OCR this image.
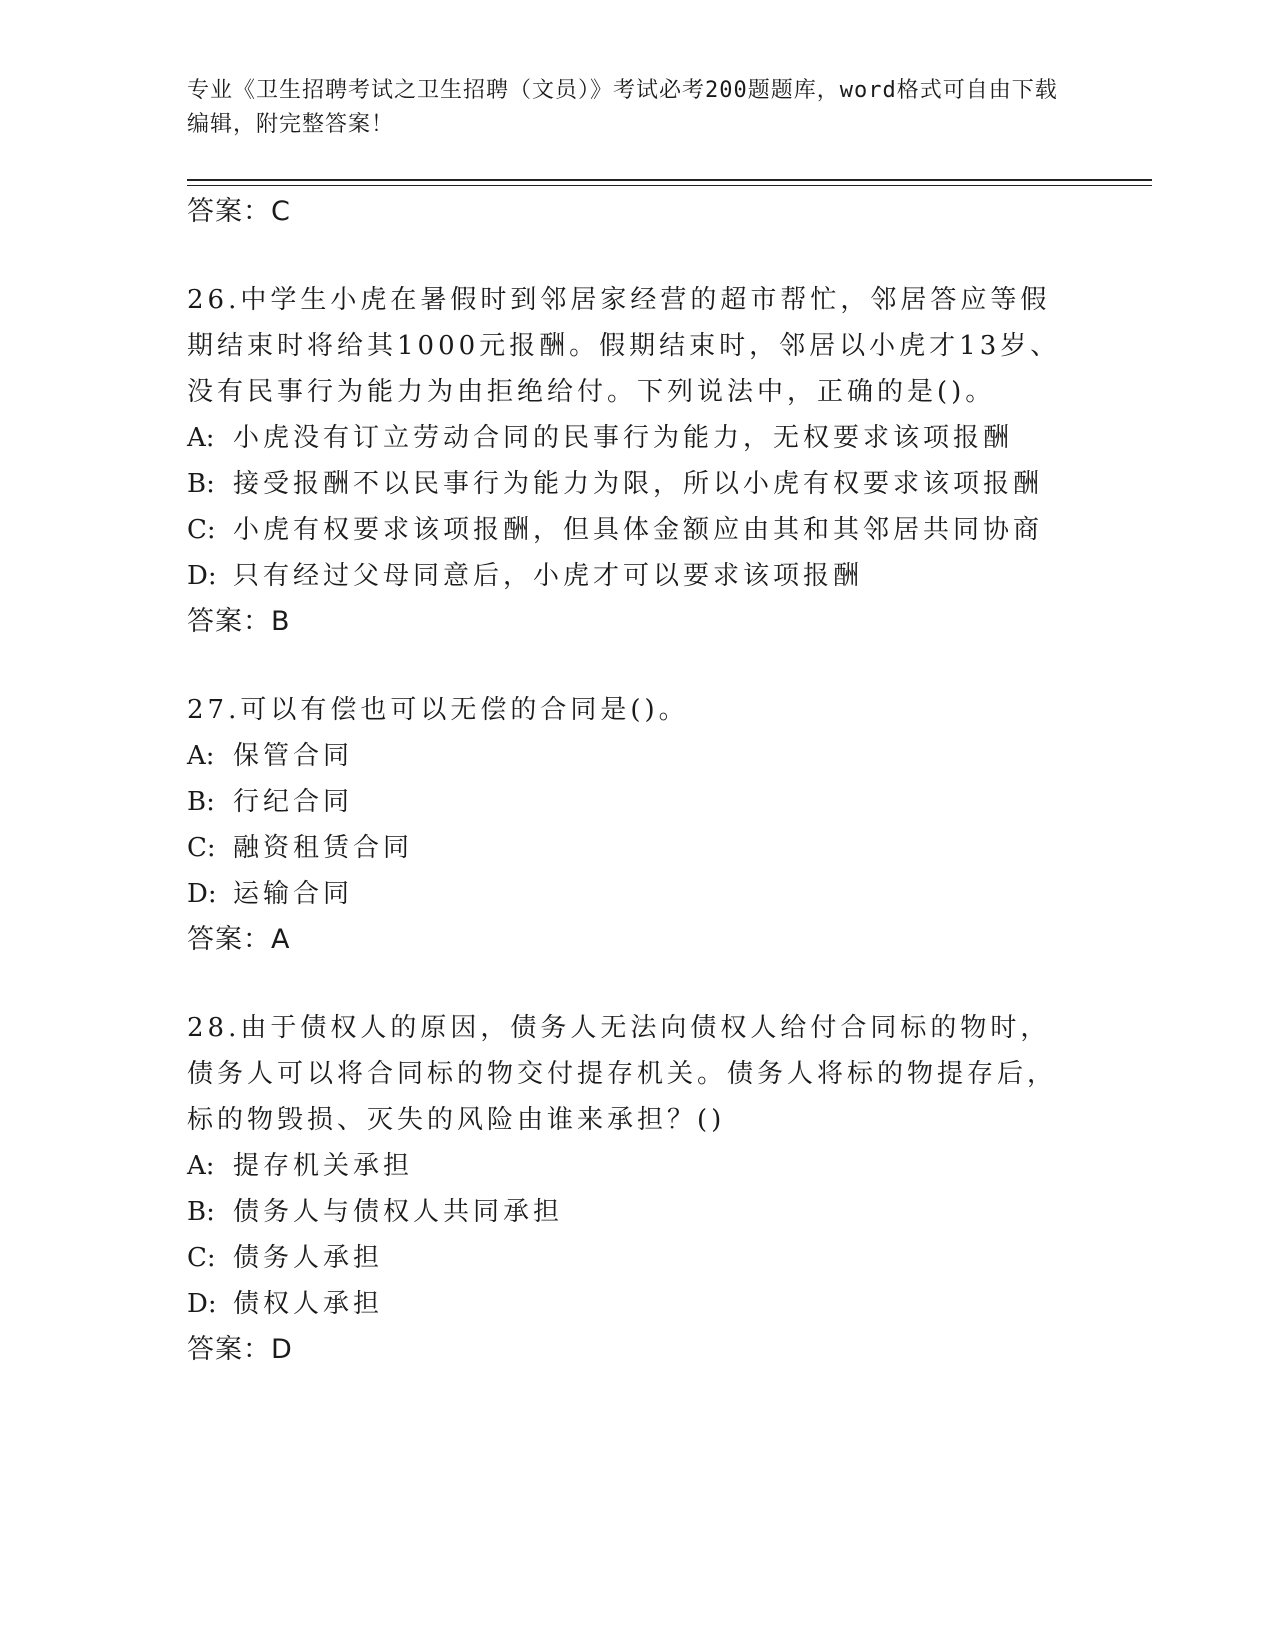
专业《卫生招聘考试之卫生招聘（文员）》考试必考200题题库，word格式可自由下载编辑，附完整答案！
答案：C
26.中学生小虎在暑假时到邻居家经营的超市帮忙，邻居答应等假期结束时将给其1000元报酬。假期结束时，邻居以小虎才13岁、没有民事行为能力为由拒绝给付。下列说法中，正确的是()。
A: 小虎没有订立劳动合同的民事行为能力，无权要求该项报酬
B: 接受报酬不以民事行为能力为限，所以小虎有权要求该项报酬
C: 小虎有权要求该项报酬，但具体金额应由其和其邻居共同协商
D: 只有经过父母同意后，小虎才可以要求该项报酬
答案：B
27.可以有偿也可以无偿的合同是()。
A: 保管合同
B: 行纪合同
C: 融资租赁合同
D: 运输合同
答案：A
28.由于债权人的原因，债务人无法向债权人给付合同标的物时，债务人可以将合同标的物交付提存机关。债务人将标的物提存后，标的物毁损、灭失的风险由谁来承担？()
A: 提存机关承担
B: 债务人与债权人共同承担
C: 债务人承担
D: 债权人承担
答案：D
